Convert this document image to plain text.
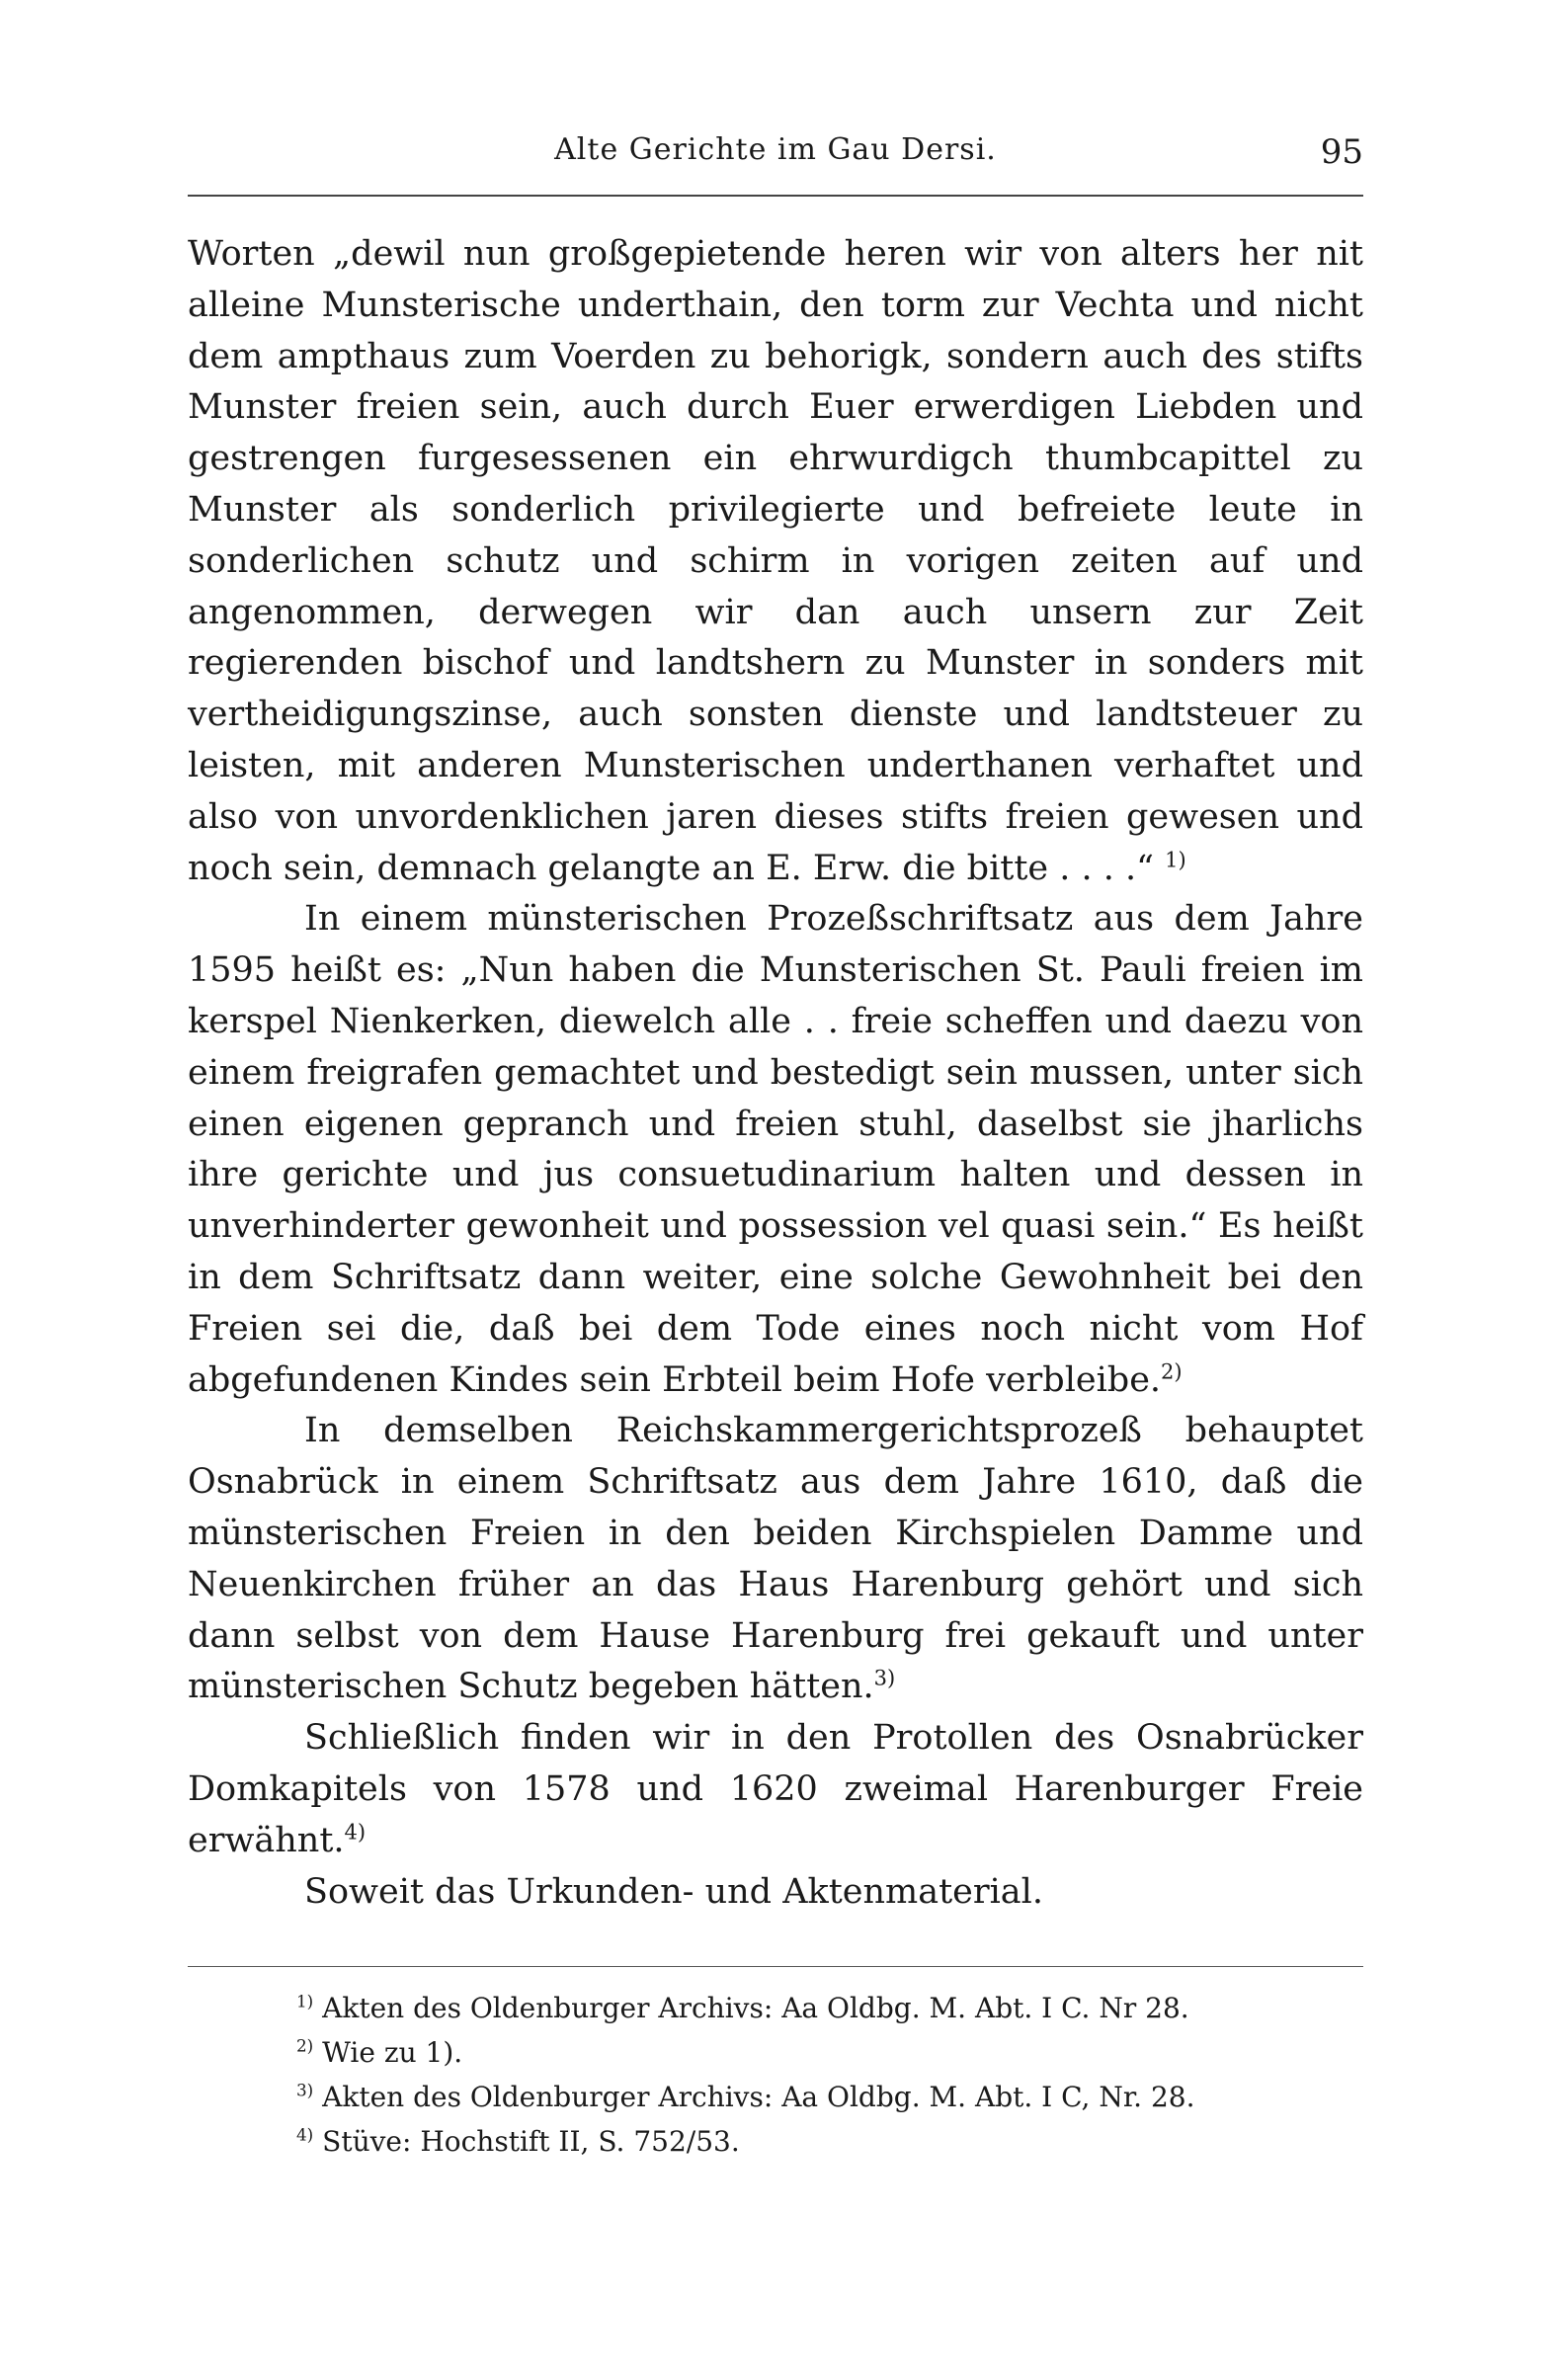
Alte Gerichte im Gau Dersi.	95

Worten „dewil nun großgepietende heren wir von alters her nit alleine Munsterische underthain, den torm zur Vechta und nicht dem ampthaus zum Voerden zu behorigk, sondern auch des stifts Munster freien sein, auch durch Euer erwerdigen Liebden und gestrengen furgesessenen ein ehrwurdigch thumbcapittel zu Munster als sonderlich privilegierte und befreiete leute in sonderlichen schutz und schirm in vorigen zeiten auf und angenommen, derwegen wir dan auch unsern zur Zeit regierenden bischof und landtshern zu Munster in sonders mit vertheidigungszinse, auch sonsten dienste und landtsteuer zu leisten, mit anderen Munsterischen underthanen verhaftet und also von unvordenklichen jaren dieses stifts freien gewesen und noch sein, demnach gelangte an E. Erw. die bitte . . . .“ $^{1)}$

In einem münsterischen Prozeßschriftsatz aus dem Jahre 1595 heißt es: „Nun haben die Munsterischen St. Pauli freien im kerspel Nienkerken, diewelch alle . . freie scheffen und daezu von einem freigrafen gemachtet und bestedigt sein mussen, unter sich einen eigenen gepranch und freien stuhl, daselbst sie jharlichs ihre gerichte und jus consuetudinarium halten und dessen in unverhinderter gewonheit und possession vel quasi sein.“ Es heißt in dem Schriftsatz dann weiter, eine solche Gewohnheit bei den Freien sei die, daß bei dem Tode eines noch nicht vom Hof abgefundenen Kindes sein Erbteil beim Hofe verbleibe.$^{2)}$

In demselben Reichskammergerichtsprozeß behauptet Osnabrück in einem Schriftsatz aus dem Jahre 1610, daß die münsterischen Freien in den beiden Kirchspielen Damme und Neuenkirchen früher an das Haus Harenburg gehört und sich dann selbst von dem Hause Harenburg frei gekauft und unter münsterischen Schutz begeben hätten.$^{3)}$

Schließlich finden wir in den Protollen des Osnabrücker Domkapitels von 1578 und 1620 zweimal Harenburger Freie erwähnt.$^{4)}$

Soweit das Urkunden- und Aktenmaterial.

$^{1)}$ Akten des Oldenburger Archivs: Aa Oldbg. M. Abt. I C. Nr 28.
$^{2)}$ Wie zu 1).
$^{3)}$ Akten des Oldenburger Archivs: Aa Oldbg. M. Abt. I C, Nr. 28.
$^{4)}$ Stüve: Hochstift II, S. 752/53.
